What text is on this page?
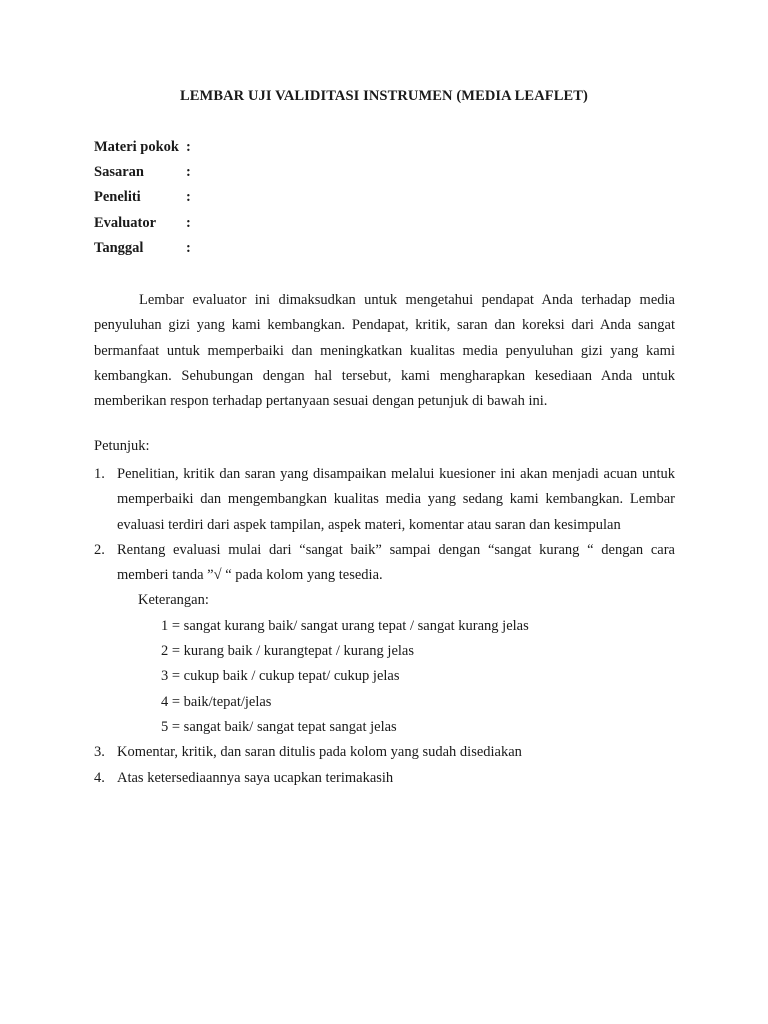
LEMBAR UJI VALIDITASI INSTRUMEN (MEDIA LEAFLET)
Materi pokok :
Sasaran	:
Peneliti	:
Evaluator	:
Tanggal	:
Lembar evaluator ini dimaksudkan untuk mengetahui pendapat Anda terhadap media penyuluhan gizi yang kami kembangkan. Pendapat, kritik, saran dan koreksi dari Anda sangat bermanfaat untuk memperbaiki dan meningkatkan kualitas media penyuluhan gizi yang kami kembangkan. Sehubungan dengan hal tersebut, kami mengharapkan kesediaan Anda untuk memberikan respon terhadap pertanyaan sesuai dengan petunjuk di bawah ini.
Petunjuk:
1. Penelitian, kritik dan saran yang disampaikan melalui kuesioner ini akan menjadi acuan untuk memperbaiki dan mengembangkan kualitas media yang sedang kami kembangkan. Lembar evaluasi terdiri dari aspek tampilan, aspek materi, komentar atau saran dan kesimpulan
2. Rentang evaluasi mulai dari “sangat baik” sampai dengan “sangat kurang “ dengan cara memberi tanda ”√ “ pada kolom yang tesedia.
Keterangan:
1 = sangat kurang baik/ sangat urang tepat / sangat kurang jelas
2 = kurang baik / kurangtepat / kurang jelas
3 = cukup baik / cukup tepat/ cukup jelas
4 = baik/tepat/jelas
5 = sangat baik/ sangat tepat sangat jelas
3. Komentar, kritik, dan saran ditulis pada kolom yang sudah disediakan
4. Atas ketersediaannya saya ucapkan terimakasih
